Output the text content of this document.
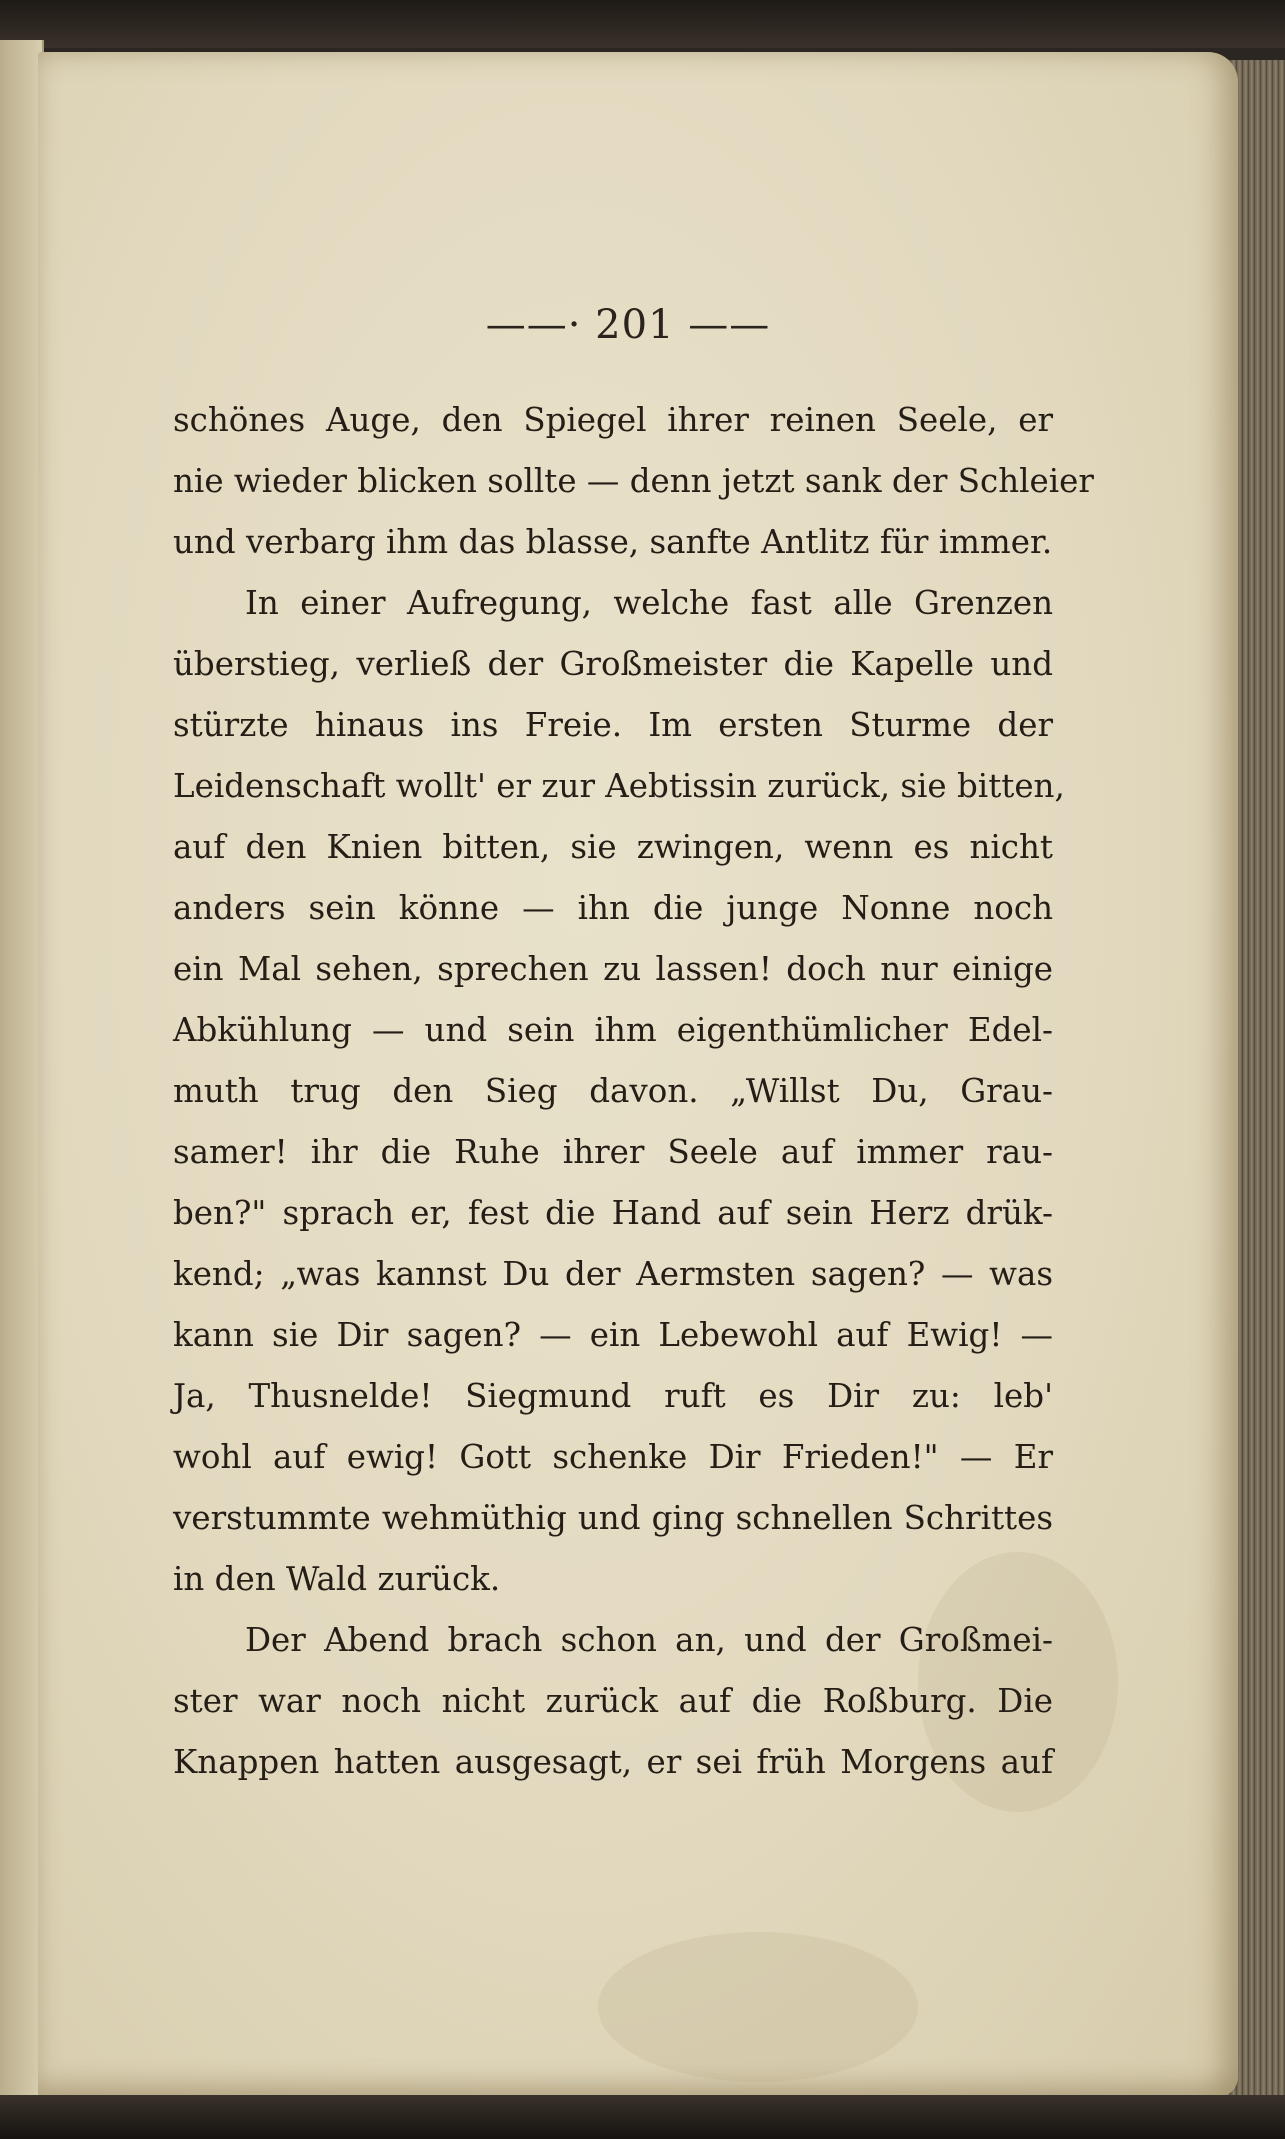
——· 201 ——
schönes Auge, den Spiegel ihrer reinen Seele, er
nie wieder blicken sollte — denn jetzt sank der Schleier
und verbarg ihm das blasse, sanfte Antlitz für immer.
In einer Aufregung, welche fast alle Grenzen
überstieg, verließ der Großmeister die Kapelle und
stürzte hinaus ins Freie. Im ersten Sturme der
Leidenschaft wollt' er zur Aebtissin zurück, sie bitten,
auf den Knien bitten, sie zwingen, wenn es nicht
anders sein könne — ihn die junge Nonne noch
ein Mal sehen, sprechen zu lassen! doch nur einige
Abkühlung — und sein ihm eigenthümlicher Edel-
muth trug den Sieg davon. „Willst Du, Grau-
samer! ihr die Ruhe ihrer Seele auf immer rau-
ben?" sprach er, fest die Hand auf sein Herz drük-
kend; „was kannst Du der Aermsten sagen? — was
kann sie Dir sagen? — ein Lebewohl auf Ewig! —
Ja, Thusnelde! Siegmund ruft es Dir zu: leb'
wohl auf ewig! Gott schenke Dir Frieden!" — Er
verstummte wehmüthig und ging schnellen Schrittes
in den Wald zurück.
Der Abend brach schon an, und der Großmei-
ster war noch nicht zurück auf die Roßburg. Die
Knappen hatten ausgesagt, er sei früh Morgens auf
